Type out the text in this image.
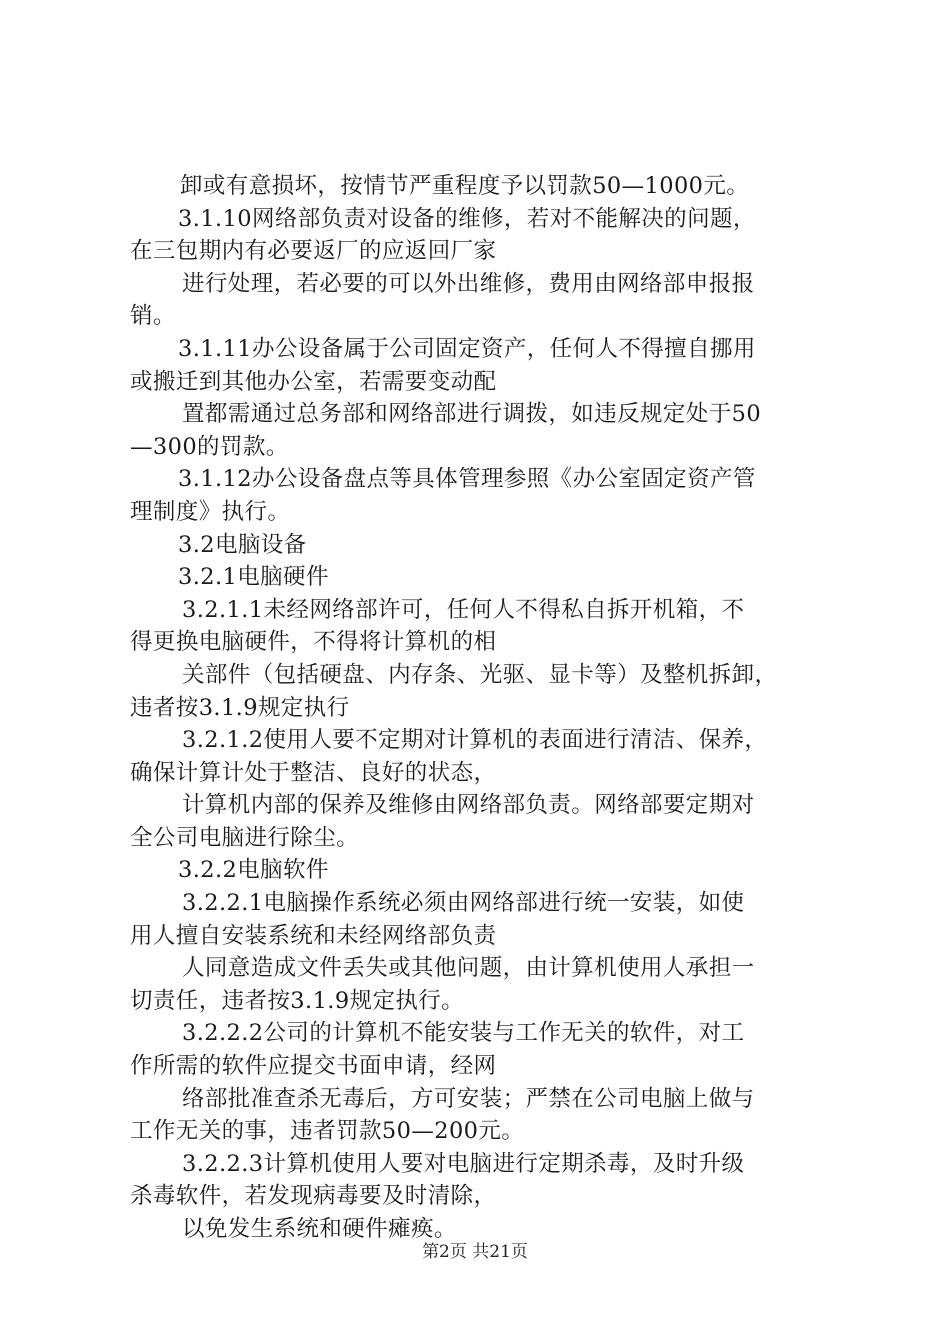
卸或有意损坏，按情节严重程度予以罚款50—1000元。
3.1.10网络部负责对设备的维修，若对不能解决的问题，
在三包期内有必要返厂的应返回厂家
进行处理，若必要的可以外出维修，费用由网络部申报报
销。
3.1.11办公设备属于公司固定资产，任何人不得擅自挪用
或搬迁到其他办公室，若需要变动配
置都需通过总务部和网络部进行调拨，如违反规定处于50
—300的罚款。
3.1.12办公设备盘点等具体管理参照《办公室固定资产管
理制度》执行。
3.2电脑设备
3.2.1电脑硬件
3.2.1.1未经网络部许可，任何人不得私自拆开机箱，不
得更换电脑硬件，不得将计算机的相
关部件（包括硬盘、内存条、光驱、显卡等）及整机拆卸，
违者按3.1.9规定执行
3.2.1.2使用人要不定期对计算机的表面进行清洁、保养，
确保计算计处于整洁、良好的状态，
计算机内部的保养及维修由网络部负责。网络部要定期对
全公司电脑进行除尘。
3.2.2电脑软件
3.2.2.1电脑操作系统必须由网络部进行统一安装，如使
用人擅自安装系统和未经网络部负责
人同意造成文件丢失或其他问题，由计算机使用人承担一
切责任，违者按3.1.9规定执行。
3.2.2.2公司的计算机不能安装与工作无关的软件，对工
作所需的软件应提交书面申请，经网
络部批准查杀无毒后，方可安装；严禁在公司电脑上做与
工作无关的事，违者罚款50—200元。
3.2.2.3计算机使用人要对电脑进行定期杀毒，及时升级
杀毒软件，若发现病毒要及时清除，
以免发生系统和硬件瘫痪。
第2页 共21页
